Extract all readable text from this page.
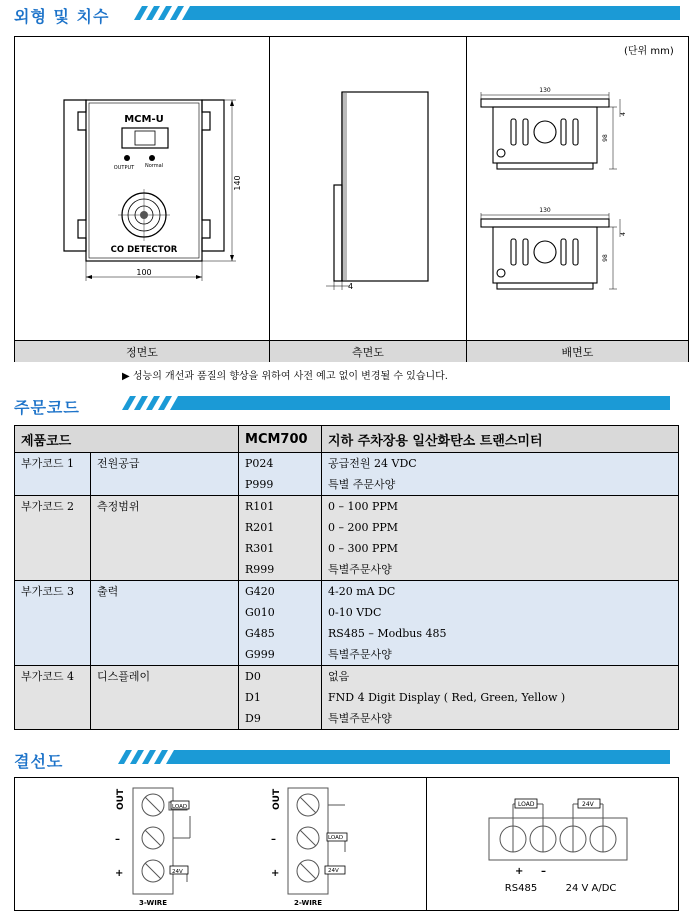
외형 및 치수
(단위 mm)
MCM-U
OUTPUT Normal
CO DETECTOR
100
140
4
130
98
4
130
98
4
정면도	측면도	배면도
▶ 성능의 개선과 품질의 향상을 위하여 사전 예고 없이 변경될 수 있습니다.
주문코드
제품코드		MCM700	지하 주차장용 일산화탄소 트랜스미터
부가코드 1	전원공급	P024	공급전원 24 VDC
		P999	특별 주문사양
부가코드 2	측정범위	R101	0 – 100 PPM
		R201	0 – 200 PPM
		R301	0 – 300 PPM
		R999	특별주문사양
부가코드 3	출력	G420	4-20 mA DC
		G010	0-10 VDC
		G485	RS485 – Modbus 485
		G999	특별주문사양
부가코드 4	디스플레이	D0	없음
		D1	FND 4 Digit Display ( Red, Green, Yellow )
		D9	특별주문사양
결선도
OUT
–
+
LOAD
24V
3-WIRE
OUT
–
+
LOAD
24V
2-WIRE
LOAD	24V
+ –
RS485	24 V A/DC
